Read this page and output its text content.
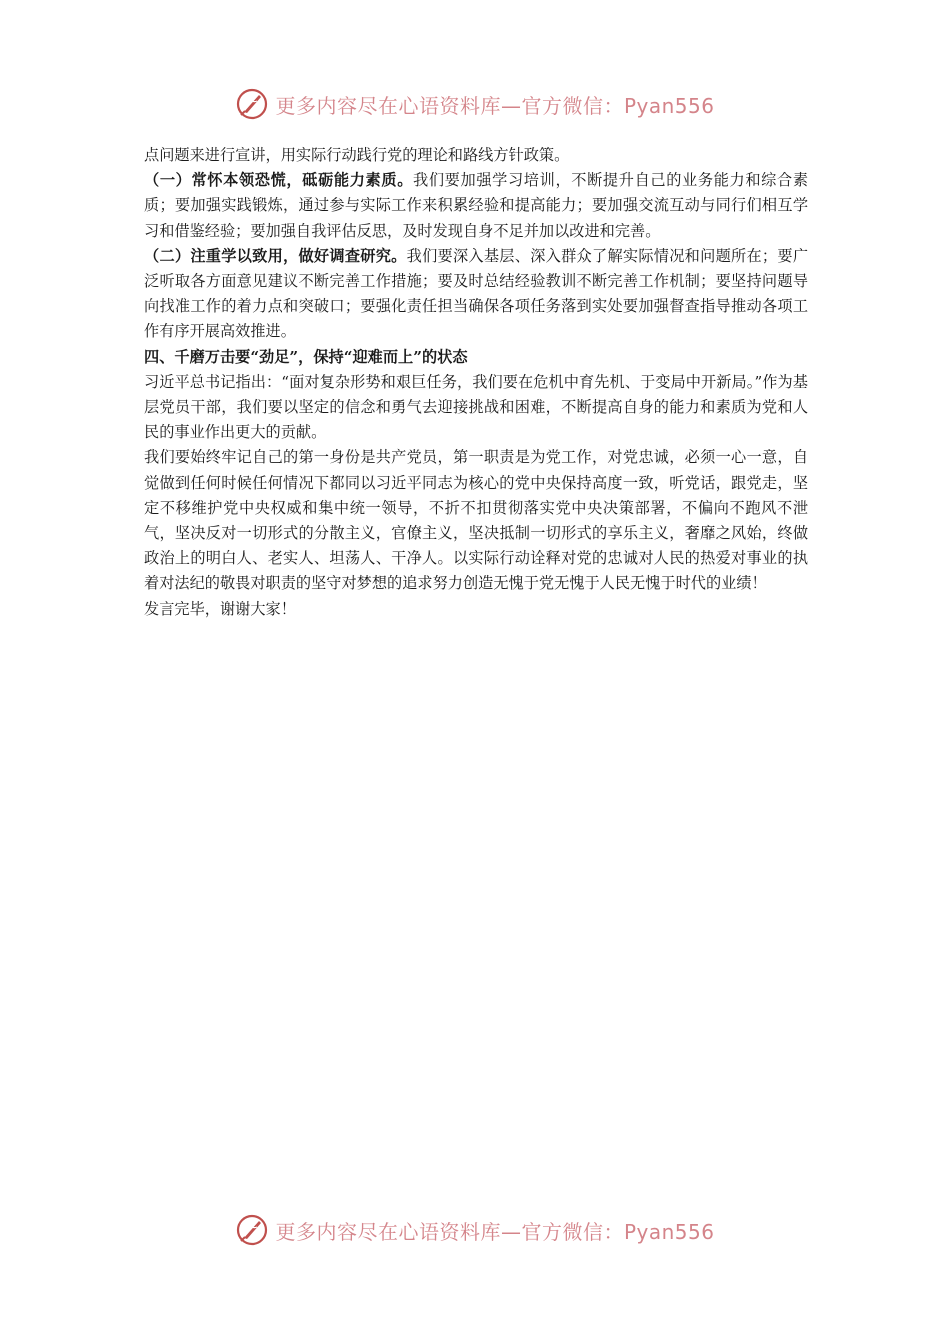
更多内容尽在心语资料库—官方微信：Pyan556

点问题来进行宣讲，用实际行动践行党的理论和路线方针政策。

（一）常怀本领恐慌，砥砺能力素质。我们要加强学习培训，不断提升自己的业务能力和综合素质；要加强实践锻炼，通过参与实际工作来积累经验和提高能力；要加强交流互动与同行们相互学习和借鉴经验；要加强自我评估反思，及时发现自身不足并加以改进和完善。

（二）注重学以致用，做好调查研究。我们要深入基层、深入群众了解实际情况和问题所在；要广泛听取各方面意见建议不断完善工作措施；要及时总结经验教训不断完善工作机制；要坚持问题导向找准工作的着力点和突破口；要强化责任担当确保各项任务落到实处要加强督查指导推动各项工作有序开展高效推进。

四、千磨万击要“劲足”，保持“迎难而上”的状态

习近平总书记指出：“面对复杂形势和艰巨任务，我们要在危机中育先机、于变局中开新局。”作为基层党员干部，我们要以坚定的信念和勇气去迎接挑战和困难，不断提高自身的能力和素质为党和人民的事业作出更大的贡献。

我们要始终牢记自己的第一身份是共产党员，第一职责是为党工作，对党忠诚，必须一心一意，自觉做到任何时候任何情况下都同以习近平同志为核心的党中央保持高度一致，听党话，跟党走，坚定不移维护党中央权威和集中统一领导，不折不扣贯彻落实党中央决策部署，不偏向不跑风不泄气，坚决反对一切形式的分散主义，官僚主义，坚决抵制一切形式的享乐主义，奢靡之风始，终做政治上的明白人、老实人、坦荡人、干净人。以实际行动诠释对党的忠诚对人民的热爱对事业的执着对法纪的敬畏对职责的坚守对梦想的追求努力创造无愧于党无愧于人民无愧于时代的业绩！

发言完毕，谢谢大家！

更多内容尽在心语资料库—官方微信：Pyan556
